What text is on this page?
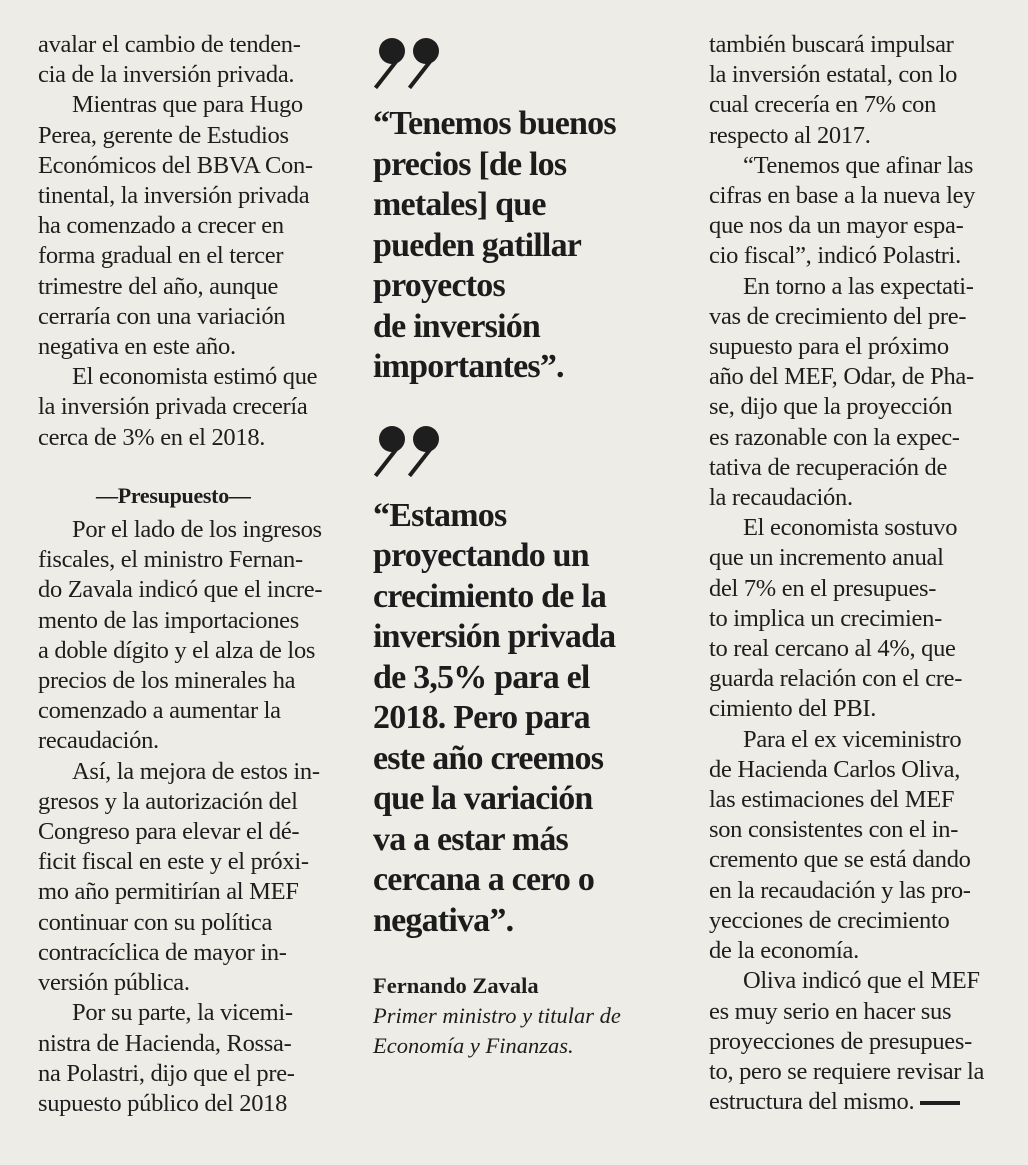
avalar el cambio de tenden-
cia de la inversión privada.
Mientras que para Hugo
Perea, gerente de Estudios
Económicos del BBVA Con-
tinental, la inversión privada
ha comenzado a crecer en
forma gradual en el tercer
trimestre del año, aunque
cerraría con una variación
negativa en este año.
El economista estimó que
la inversión privada crecería
cerca de 3% en el 2018.
—Presupuesto—
Por el lado de los ingresos
fiscales, el ministro Fernan-
do Zavala indicó que el incre-
mento de las importaciones
a doble dígito y el alza de los
precios de los minerales ha
comenzado a aumentar la
recaudación.
Así, la mejora de estos in-
gresos y la autorización del
Congreso para elevar el dé-
ficit fiscal en este y el próxi-
mo año permitirían al MEF
continuar con su política
contracíclica de mayor in-
versión pública.
Por su parte, la vicemi-
nistra de Hacienda, Rossa-
na Polastri, dijo que el pre-
supuesto público del 2018
“Tenemos buenos
precios [de los
metales] que
pueden gatillar
proyectos
de inversión
importantes”.
“Estamos
proyectando un
crecimiento de la
inversión privada
de 3,5% para el
2018. Pero para
este año creemos
que la variación
va a estar más
cercana a cero o
negativa”.
Fernando Zavala
Primer ministro y titular de
Economía y Finanzas.
también buscará impulsar
la inversión estatal, con lo
cual crecería en 7% con
respecto al 2017.
“Tenemos que afinar las
cifras en base a la nueva ley
que nos da un mayor espa-
cio fiscal”, indicó Polastri.
En torno a las expectati-
vas de crecimiento del pre-
supuesto para el próximo
año del MEF, Odar, de Pha-
se, dijo que la proyección
es razonable con la expec-
tativa de recuperación de
la recaudación.
El economista sostuvo
que un incremento anual
del 7% en el presupues-
to implica un crecimien-
to real cercano al 4%, que
guarda relación con el cre-
cimiento del PBI.
Para el ex viceministro
de Hacienda Carlos Oliva,
las estimaciones del MEF
son consistentes con el in-
cremento que se está dando
en la recaudación y las pro-
yecciones de crecimiento
de la economía.
Oliva indicó que el MEF
es muy serio en hacer sus
proyecciones de presupues-
to, pero se requiere revisar la
estructura del mismo.
